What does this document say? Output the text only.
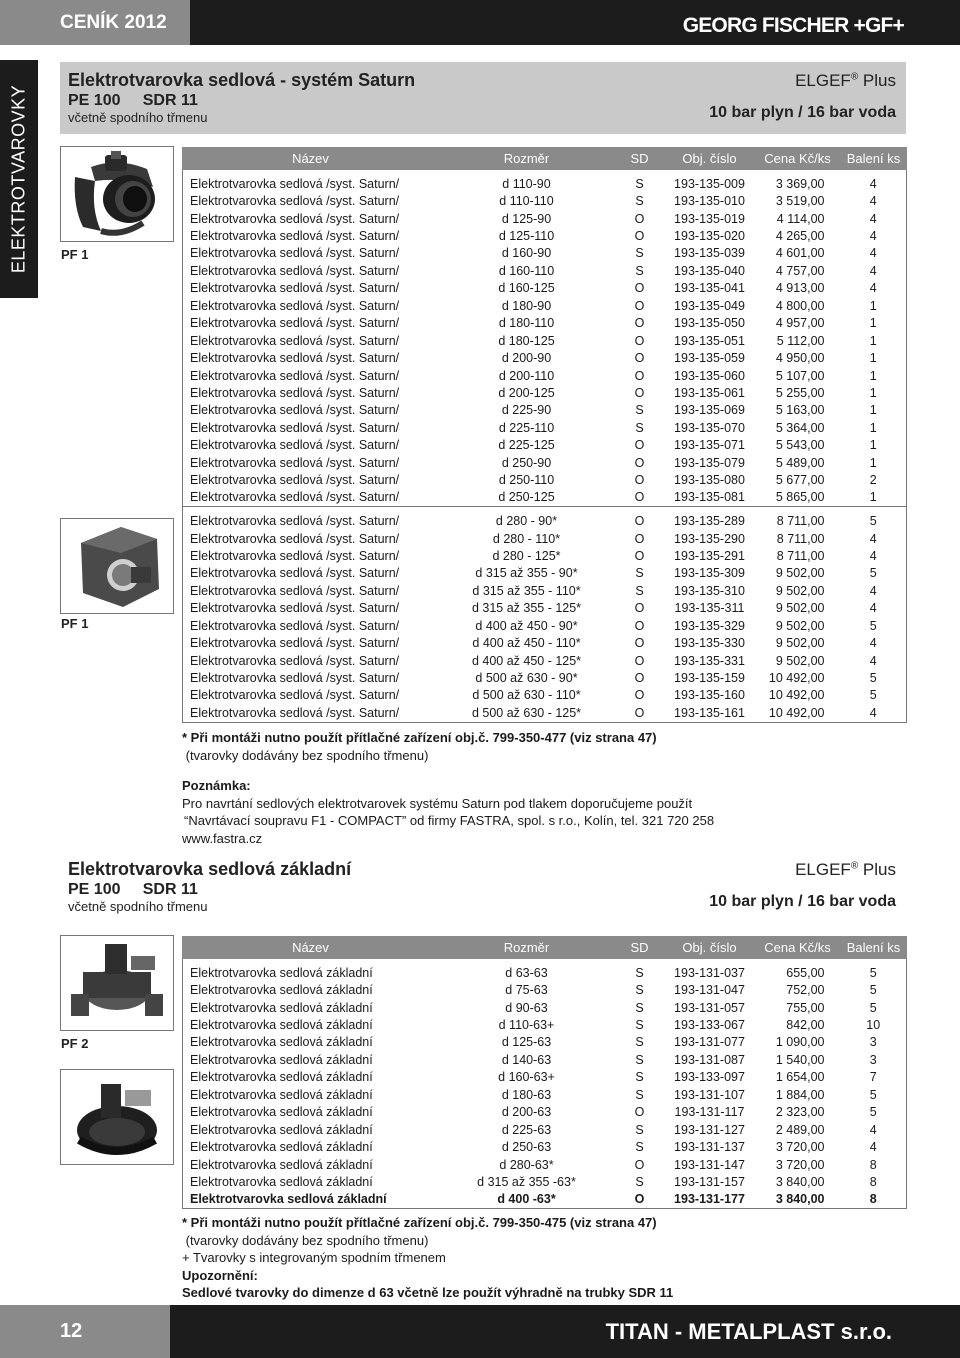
CENÍK 2012	GEORG FISCHER +GF+
ELEKTROTVAROVKY
Elektrotvarovka sedlová - systém Saturn
PE 100     SDR 11
včetně spodního třmenu
ELGEF® Plus
10 bar plyn / 16 bar voda
PF 1
PF 1
Název	Rozměr	SD	Obj. číslo	Cena Kč/ks	Balení ks

Elektrotvarovka sedlová /syst. Saturn/	d 110-90	S	193-135-009	3 369,00	4
Elektrotvarovka sedlová /syst. Saturn/	d 110-110	S	193-135-010	3 519,00	4
Elektrotvarovka sedlová /syst. Saturn/	d 125-90	O	193-135-019	4 114,00	4
Elektrotvarovka sedlová /syst. Saturn/	d 125-110	O	193-135-020	4 265,00	4
Elektrotvarovka sedlová /syst. Saturn/	d 160-90	S	193-135-039	4 601,00	4
Elektrotvarovka sedlová /syst. Saturn/	d 160-110	S	193-135-040	4 757,00	4
Elektrotvarovka sedlová /syst. Saturn/	d 160-125	O	193-135-041	4 913,00	4
Elektrotvarovka sedlová /syst. Saturn/	d 180-90	O	193-135-049	4 800,00	1
Elektrotvarovka sedlová /syst. Saturn/	d 180-110	O	193-135-050	4 957,00	1
Elektrotvarovka sedlová /syst. Saturn/	d 180-125	O	193-135-051	5 112,00	1
Elektrotvarovka sedlová /syst. Saturn/	d 200-90	O	193-135-059	4 950,00	1
Elektrotvarovka sedlová /syst. Saturn/	d 200-110	O	193-135-060	5 107,00	1
Elektrotvarovka sedlová /syst. Saturn/	d 200-125	O	193-135-061	5 255,00	1
Elektrotvarovka sedlová /syst. Saturn/	d 225-90	S	193-135-069	5 163,00	1
Elektrotvarovka sedlová /syst. Saturn/	d 225-110	S	193-135-070	5 364,00	1
Elektrotvarovka sedlová /syst. Saturn/	d 225-125	O	193-135-071	5 543,00	1
Elektrotvarovka sedlová /syst. Saturn/	d 250-90	O	193-135-079	5 489,00	1
Elektrotvarovka sedlová /syst. Saturn/	d 250-110	O	193-135-080	5 677,00	2
Elektrotvarovka sedlová /syst. Saturn/	d 250-125	O	193-135-081	5 865,00	1

Elektrotvarovka sedlová /syst. Saturn/	d 280 - 90*	O	193-135-289	8 711,00	5
Elektrotvarovka sedlová /syst. Saturn/	d 280 - 110*	O	193-135-290	8 711,00	4
Elektrotvarovka sedlová /syst. Saturn/	d 280 - 125*	O	193-135-291	8 711,00	4
Elektrotvarovka sedlová /syst. Saturn/	d 315 až 355 - 90*	S	193-135-309	9 502,00	5
Elektrotvarovka sedlová /syst. Saturn/	d 315 až 355 - 110*	S	193-135-310	9 502,00	4
Elektrotvarovka sedlová /syst. Saturn/	d 315 až 355 - 125*	O	193-135-311	9 502,00	4
Elektrotvarovka sedlová /syst. Saturn/	d 400 až 450 - 90*	O	193-135-329	9 502,00	5
Elektrotvarovka sedlová /syst. Saturn/	d 400 až 450 - 110*	O	193-135-330	9 502,00	4
Elektrotvarovka sedlová /syst. Saturn/	d 400 až 450 - 125*	O	193-135-331	9 502,00	4
Elektrotvarovka sedlová /syst. Saturn/	d 500 až 630 - 90*	O	193-135-159	10 492,00	5
Elektrotvarovka sedlová /syst. Saturn/	d 500 až 630 - 110*	O	193-135-160	10 492,00	5
Elektrotvarovka sedlová /syst. Saturn/	d 500 až 630 - 125*	O	193-135-161	10 492,00	4
* Při montáži nutno použít přítlačné zařízení obj.č. 799-350-477 (viz strana 47)
(tvarovky dodávány bez spodního třmenu)
Poznámka:
Pro navrtání sedlových elektrotvarovek systému Saturn pod tlakem doporučujeme použít
“Navrtávací soupravu F1 - COMPACT” od firmy FASTRA, spol. s r.o., Kolín, tel. 321 720 258
www.fastra.cz
Elektrotvarovka sedlová základní
PE 100     SDR 11
včetně spodního třmenu
ELGEF® Plus
10 bar plyn / 16 bar voda
PF 2
Název	Rozměr	SD	Obj. číslo	Cena Kč/ks	Balení ks

Elektrotvarovka sedlová základní	d 63-63	S	193-131-037	655,00	5
Elektrotvarovka sedlová základní	d 75-63	S	193-131-047	752,00	5
Elektrotvarovka sedlová základní	d 90-63	S	193-131-057	755,00	5
Elektrotvarovka sedlová základní	d 110-63+	S	193-133-067	842,00	10
Elektrotvarovka sedlová základní	d 125-63	S	193-131-077	1 090,00	3
Elektrotvarovka sedlová základní	d 140-63	S	193-131-087	1 540,00	3
Elektrotvarovka sedlová základní	d 160-63+	S	193-133-097	1 654,00	7
Elektrotvarovka sedlová základní	d 180-63	S	193-131-107	1 884,00	5
Elektrotvarovka sedlová základní	d 200-63	O	193-131-117	2 323,00	5
Elektrotvarovka sedlová základní	d 225-63	S	193-131-127	2 489,00	4
Elektrotvarovka sedlová základní	d 250-63	S	193-131-137	3 720,00	4
Elektrotvarovka sedlová základní	d 280-63*	O	193-131-147	3 720,00	8
Elektrotvarovka sedlová základní	d 315 až 355 -63*	S	193-131-157	3 840,00	8
Elektrotvarovka sedlová základní	d 400 -63*	O	193-131-177	3 840,00	8
* Při montáži nutno použít přítlačné zařízení obj.č. 799-350-475 (viz strana 47)
(tvarovky dodávány bez spodního třmenu)
+ Tvarovky s integrovaným spodním třmenem
Upozornění:
Sedlové tvarovky do dimenze d 63 včetně lze použít výhradně na trubky SDR 11
12	TITAN - METALPLAST s.r.o.
